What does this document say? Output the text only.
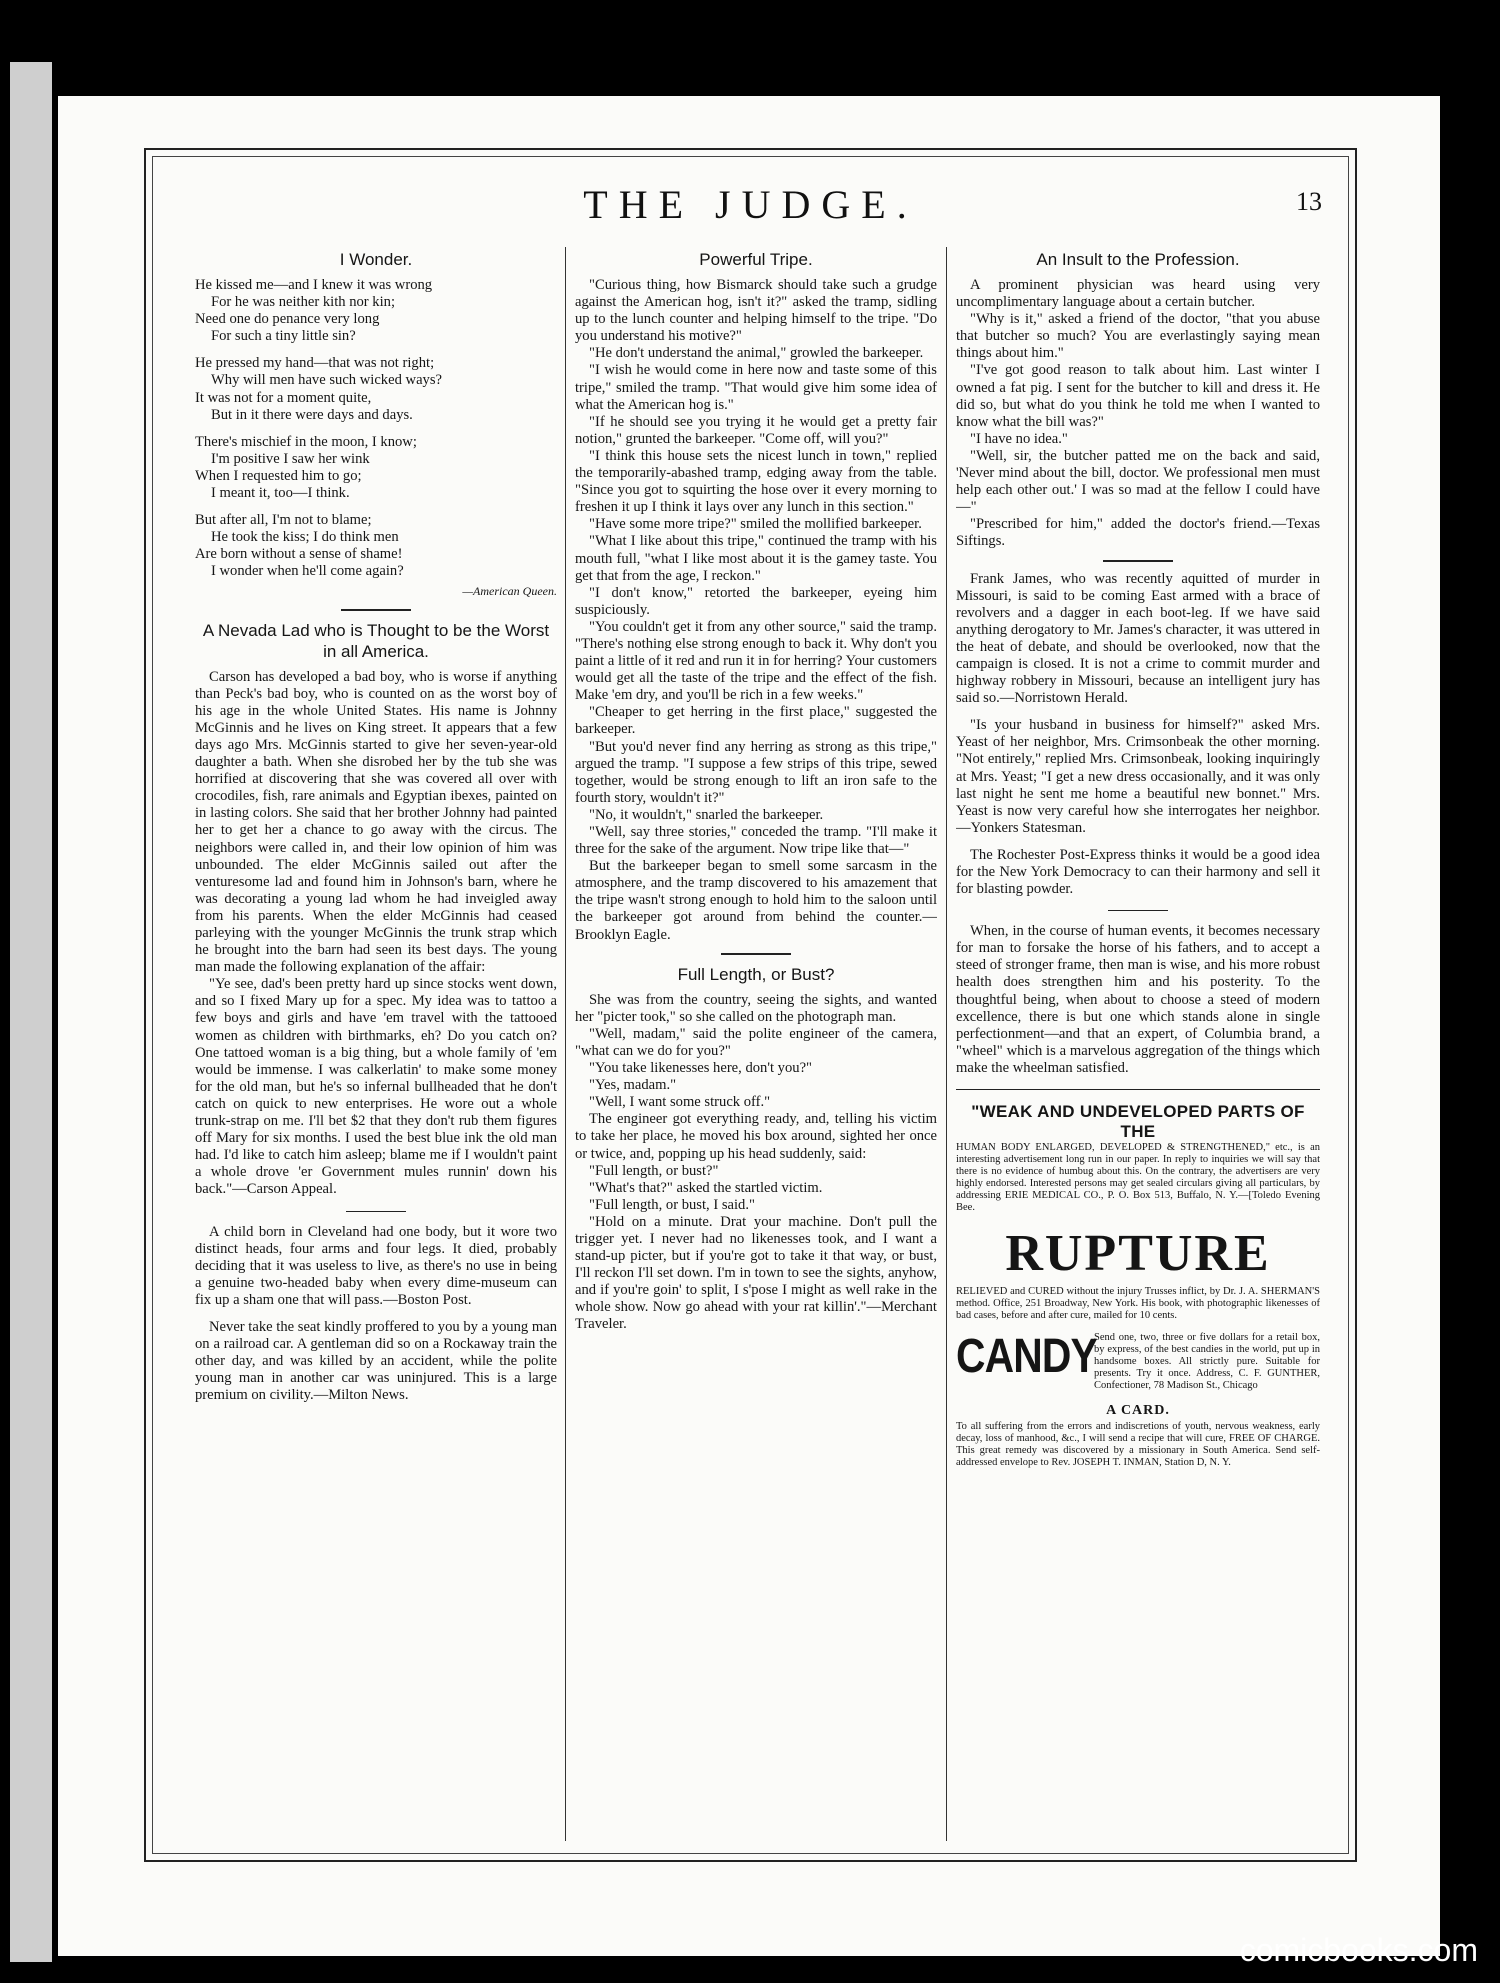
THE JUDGE.	13
I Wonder.
He kissed me—and I knew it was wrong
For he was neither kith nor kin;
Need one do penance very long
For such a tiny little sin?
He pressed my hand—that was not right;
Why will men have such wicked ways?
It was not for a moment quite,
But in it there were days and days.
There's mischief in the moon, I know;
I'm positive I saw her wink
When I requested him to go;
I meant it, too—I think.
But after all, I'm not to blame;
He took the kiss; I do think men
Are born without a sense of shame!
I wonder when he'll come again?
—American Queen.
A Nevada Lad who is Thought to be the Worst in all America.

Carson has developed a bad boy, who is worse if anything than Peck's bad boy, who is counted on as the worst boy of his age in the whole United States. His name is Johnny McGinnis and he lives on King street. It appears that a few days ago Mrs. McGinnis started to give her seven-year-old daughter a bath. When she disrobed her by the tub she was horrified at discovering that she was covered all over with crocodiles, fish, rare animals and Egyptian ibexes, painted on in lasting colors. She said that her brother Johnny had painted her to get her a chance to go away with the circus. The neighbors were called in, and their low opinion of him was unbounded. The elder McGinnis sailed out after the venturesome lad and found him in Johnson's barn, where he was decorating a young lad whom he had inveigled away from his parents. When the elder McGinnis had ceased parleying with the younger McGinnis the trunk strap which he brought into the barn had seen its best days. The young man made the following explanation of the affair:

"Ye see, dad's been pretty hard up since stocks went down, and so I fixed Mary up for a spec. My idea was to tattoo a few boys and girls and have 'em travel with the tattooed women as children with birthmarks, eh? Do you catch on? One tattoed woman is a big thing, but a whole family of 'em would be immense. I was calkerlatin' to make some money for the old man, but he's so infernal bullheaded that he don't catch on quick to new enterprises. He wore out a whole trunk-strap on me. I'll bet $2 that they don't rub them figures off Mary for six months. I used the best blue ink the old man had. I'd like to catch him asleep; blame me if I wouldn't paint a whole drove 'er Government mules runnin' down his back."—Carson Appeal.

A child born in Cleveland had one body, but it wore two distinct heads, four arms and four legs. It died, probably deciding that it was useless to live, as there's no use in being a genuine two-headed baby when every dime-museum can fix up a sham one that will pass.—Boston Post.

Never take the seat kindly proffered to you by a young man on a railroad car. A gentleman did so on a Rockaway train the other day, and was killed by an accident, while the polite young man in another car was uninjured. This is a large premium on civility.—Milton News.

Powerful Tripe.

"Curious thing, how Bismarck should take such a grudge against the American hog, isn't it?" asked the tramp, sidling up to the lunch counter and helping himself to the tripe. "Do you understand his motive?"

"He don't understand the animal," growled the barkeeper.

"I wish he would come in here now and taste some of this tripe," smiled the tramp. "That would give him some idea of what the American hog is."

"If he should see you trying it he would get a pretty fair notion," grunted the barkeeper. "Come off, will you?"

"I think this house sets the nicest lunch in town," replied the temporarily-abashed tramp, edging away from the table. "Since you got to squirting the hose over it every morning to freshen it up I think it lays over any lunch in this section."

"Have some more tripe?" smiled the mollified barkeeper.

"What I like about this tripe," continued the tramp with his mouth full, "what I like most about it is the gamey taste. You get that from the age, I reckon."

"I don't know," retorted the barkeeper, eyeing him suspiciously.

"You couldn't get it from any other source," said the tramp. "There's nothing else strong enough to back it. Why don't you paint a little of it red and run it in for herring? Your customers would get all the taste of the tripe and the effect of the fish. Make 'em dry, and you'll be rich in a few weeks."

"Cheaper to get herring in the first place," suggested the barkeeper.

"But you'd never find any herring as strong as this tripe," argued the tramp. "I suppose a few strips of this tripe, sewed together, would be strong enough to lift an iron safe to the fourth story, wouldn't it?"

"No, it wouldn't," snarled the barkeeper.

"Well, say three stories," conceded the tramp. "I'll make it three for the sake of the argument. Now tripe like that—"

But the barkeeper began to smell some sarcasm in the atmosphere, and the tramp discovered to his amazement that the tripe wasn't strong enough to hold him to the saloon until the barkeeper got around from behind the counter.—Brooklyn Eagle.

Full Length, or Bust?

She was from the country, seeing the sights, and wanted her "picter took," so she called on the photograph man.

"Well, madam," said the polite engineer of the camera, "what can we do for you?"

"You take likenesses here, don't you?"

"Yes, madam."

"Well, I want some struck off."

The engineer got everything ready, and, telling his victim to take her place, he moved his box around, sighted her once or twice, and, popping up his head suddenly, said:

"Full length, or bust?"

"What's that?" asked the startled victim.

"Full length, or bust, I said."

"Hold on a minute. Drat your machine. Don't pull the trigger yet. I never had no likenesses took, and I want a stand-up picter, but if you're got to take it that way, or bust, I'll reckon I'll set down. I'm in town to see the sights, anyhow, and if you're goin' to split, I s'pose I might as well rake in the whole show. Now go ahead with your rat killin'."—Merchant Traveler.

An Insult to the Profession.

A prominent physician was heard using very uncomplimentary language about a certain butcher.

"Why is it," asked a friend of the doctor, "that you abuse that butcher so much? You are everlastingly saying mean things about him."

"I've got good reason to talk about him. Last winter I owned a fat pig. I sent for the butcher to kill and dress it. He did so, but what do you think he told me when I wanted to know what the bill was?"

"I have no idea."

"Well, sir, the butcher patted me on the back and said, 'Never mind about the bill, doctor. We professional men must help each other out.' I was so mad at the fellow I could have—"

"Prescribed for him," added the doctor's friend.—Texas Siftings.

Frank James, who was recently aquitted of murder in Missouri, is said to be coming East armed with a brace of revolvers and a dagger in each boot-leg. If we have said anything derogatory to Mr. James's character, it was uttered in the heat of debate, and should be overlooked, now that the campaign is closed. It is not a crime to commit murder and highway robbery in Missouri, because an intelligent jury has said so.—Norristown Herald.

"Is your husband in business for himself?" asked Mrs. Yeast of her neighbor, Mrs. Crimsonbeak the other morning. "Not entirely," replied Mrs. Crimsonbeak, looking inquiringly at Mrs. Yeast; "I get a new dress occasionally, and it was only last night he sent me home a beautiful new bonnet." Mrs. Yeast is now very careful how she interrogates her neighbor.—Yonkers Statesman.

The Rochester Post-Express thinks it would be a good idea for the New York Democracy to can their harmony and sell it for blasting powder.

When, in the course of human events, it becomes necessary for man to forsake the horse of his fathers, and to accept a steed of stronger frame, then man is wise, and his more robust health does strengthen him and his posterity. To the thoughtful being, when about to choose a steed of modern excellence, there is but one which stands alone in single perfectionment—and that an expert, of Columbia brand, a "wheel" which is a marvelous aggregation of the things which make the wheelman satisfied.

"WEAK AND UNDEVELOPED PARTS OF THE
HUMAN BODY ENLARGED, DEVELOPED & STRENGTHENED," etc., is an interesting advertisement long run in our paper. In reply to inquiries we will say that there is no evidence of humbug about this. On the contrary, the advertisers are very highly endorsed. Interested persons may get sealed circulars giving all particulars, by addressing ERIE MEDICAL CO., P. O. Box 513, Buffalo, N. Y.—[Toledo Evening Bee.
RUPTURE
RELIEVED and CURED without the injury Trusses inflict, by Dr. J. A. SHERMAN'S method. Office, 251 Broadway, New York. His book, with photographic likenesses of bad cases, before and after cure, mailed for 10 cents.
CANDY
Send one, two, three or five dollars for a retail box, by express, of the best candies in the world, put up in handsome boxes. All strictly pure. Suitable for presents. Try it once. Address, C. F. GUNTHER, Confectioner, 78 Madison St., Chicago
A CARD.
To all suffering from the errors and indiscretions of youth, nervous weakness, early decay, loss of manhood, &c., I will send a recipe that will cure, FREE OF CHARGE. This great remedy was discovered by a missionary in South America. Send self-addressed envelope to Rev. JOSEPH T. INMAN, Station D, N. Y.
comicbooks.com
